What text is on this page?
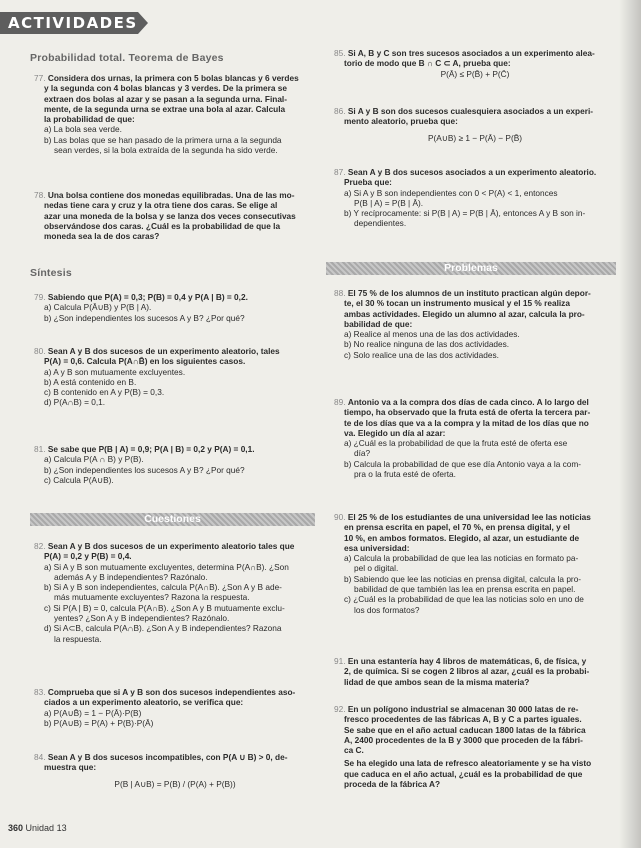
ACTIVIDADES
Probabilidad total. Teorema de Bayes

77. Considera dos urnas, la primera con 5 bolas blancas y 6 verdes

y la segunda con 4 bolas blancas y 3 verdes. De la primera se

extraen dos bolas al azar y se pasan a la segunda urna. Final-

mente, de la segunda urna se extrae una bola al azar. Calcula

la probabilidad de que:

a) La bola sea verde.

b) Las bolas que se han pasado de la primera urna a la segunda

sean verdes, si la bola extraída de la segunda ha sido verde.

78. Una bolsa contiene dos monedas equilibradas. Una de las mo-

nedas tiene cara y cruz y la otra tiene dos caras. Se elige al

azar una moneda de la bolsa y se lanza dos veces consecutivas

observándose dos caras. ¿Cuál es la probabilidad de que la

moneda sea la de dos caras?

Síntesis

79. Sabiendo que P(A) = 0,3; P(B) = 0,4 y P(A | B) = 0,2.

a) Calcula P(Ā∪B) y P(B | A).

b) ¿Son independientes los sucesos A y B? ¿Por qué?

80. Sean A y B dos sucesos de un experimento aleatorio, tales

P(A) = 0,6. Calcula P(A∩B̄) en los siguientes casos.

a) A y B son mutuamente excluyentes.

b) A está contenido en B.

c) B contenido en A y P(B) = 0,3.

d) P(A∩B) = 0,1.

81. Se sabe que P(B | A) = 0,9; P(A | B) = 0,2 y P(A) = 0,1.

a) Calcula P(A ∩ B) y P(B).

b) ¿Son independientes los sucesos A y B? ¿Por qué?

c) Calcula P(A∪B).

Cuestiones

82. Sean A y B dos sucesos de un experimento aleatorio tales que

P(A) = 0,2 y P(B) = 0,4.

a) Si A y B son mutuamente excluyentes, determina P(A∩B). ¿Son

además A y B independientes? Razónalo.

b) Si A y B son independientes, calcula P(A∩B). ¿Son A y B ade-

más mutuamente excluyentes? Razona la respuesta.

c) Si P(A | B) = 0, calcula P(A∩B). ¿Son A y B mutuamente exclu-

yentes? ¿Son A y B independientes? Razónalo.

d) Si A⊂B, calcula P(A∩B). ¿Son A y B independientes? Razona

la respuesta.

83. Comprueba que si A y B son dos sucesos independientes aso-

ciados a un experimento aleatorio, se verifica que:

a) P(A∪B̄) = 1 − P(Ā)·P(B)

b) P(A∪B) = P(A) + P(B)·P(Ā)

84. Sean A y B dos sucesos incompatibles, con P(A ∪ B) > 0, de-

muestra que:

P(B | A∪B) = P(B) / (P(A) + P(B))

85. Si A, B y C son tres sucesos asociados a un experimento alea-

torio de modo que B ∩ C ⊂ A, prueba que:

P(Ā) ≤ P(B̄) + P(C̄)

86. Si A y B son dos sucesos cualesquiera asociados a un experi-

mento aleatorio, prueba que:

P(A∪B) ≥ 1 − P(Ā) − P(B̄)

87. Sean A y B dos sucesos asociados a un experimento aleatorio.

Prueba que:

a) Si A y B son independientes con 0 < P(A) < 1, entonces

P(B | A) = P(B | Ā).

b) Y recíprocamente: si P(B | A) = P(B | Ā), entonces A y B son in-

dependientes.

Problemas

88. El 75 % de los alumnos de un instituto practican algún depor-

te, el 30 % tocan un instrumento musical y el 15 % realiza

ambas actividades. Elegido un alumno al azar, calcula la pro-

babilidad de que:

a) Realice al menos una de las dos actividades.

b) No realice ninguna de las dos actividades.

c) Solo realice una de las dos actividades.

89. Antonio va a la compra dos días de cada cinco. A lo largo del

tiempo, ha observado que la fruta está de oferta la tercera par-

te de los días que va a la compra y la mitad de los días que no

va. Elegido un día al azar:

a) ¿Cuál es la probabilidad de que la fruta esté de oferta ese

día?

b) Calcula la probabilidad de que ese día Antonio vaya a la com-

pra o la fruta esté de oferta.

90. El 25 % de los estudiantes de una universidad lee las noticias

en prensa escrita en papel, el 70 %, en prensa digital, y el

10 %, en ambos formatos. Elegido, al azar, un estudiante de

esa universidad:

a) Calcula la probabilidad de que lea las noticias en formato pa-

pel o digital.

b) Sabiendo que lee las noticias en prensa digital, calcula la pro-

babilidad de que también las lea en prensa escrita en papel.

c) ¿Cuál es la probabilidad de que lea las noticias solo en uno de

los dos formatos?

91. En una estantería hay 4 libros de matemáticas, 6, de física, y

2, de química. Si se cogen 2 libros al azar, ¿cuál es la probabi-

lidad de que ambos sean de la misma materia?

92. En un polígono industrial se almacenan 30 000 latas de re-

fresco procedentes de las fábricas A, B y C a partes iguales.

Se sabe que en el año actual caducan 1800 latas de la fábrica

A, 2400 procedentes de la B y 3000 que proceden de la fábri-

ca C.

Se ha elegido una lata de refresco aleatoriamente y se ha visto

que caduca en el año actual, ¿cuál es la probabilidad de que

proceda de la fábrica A?

360 Unidad 13
